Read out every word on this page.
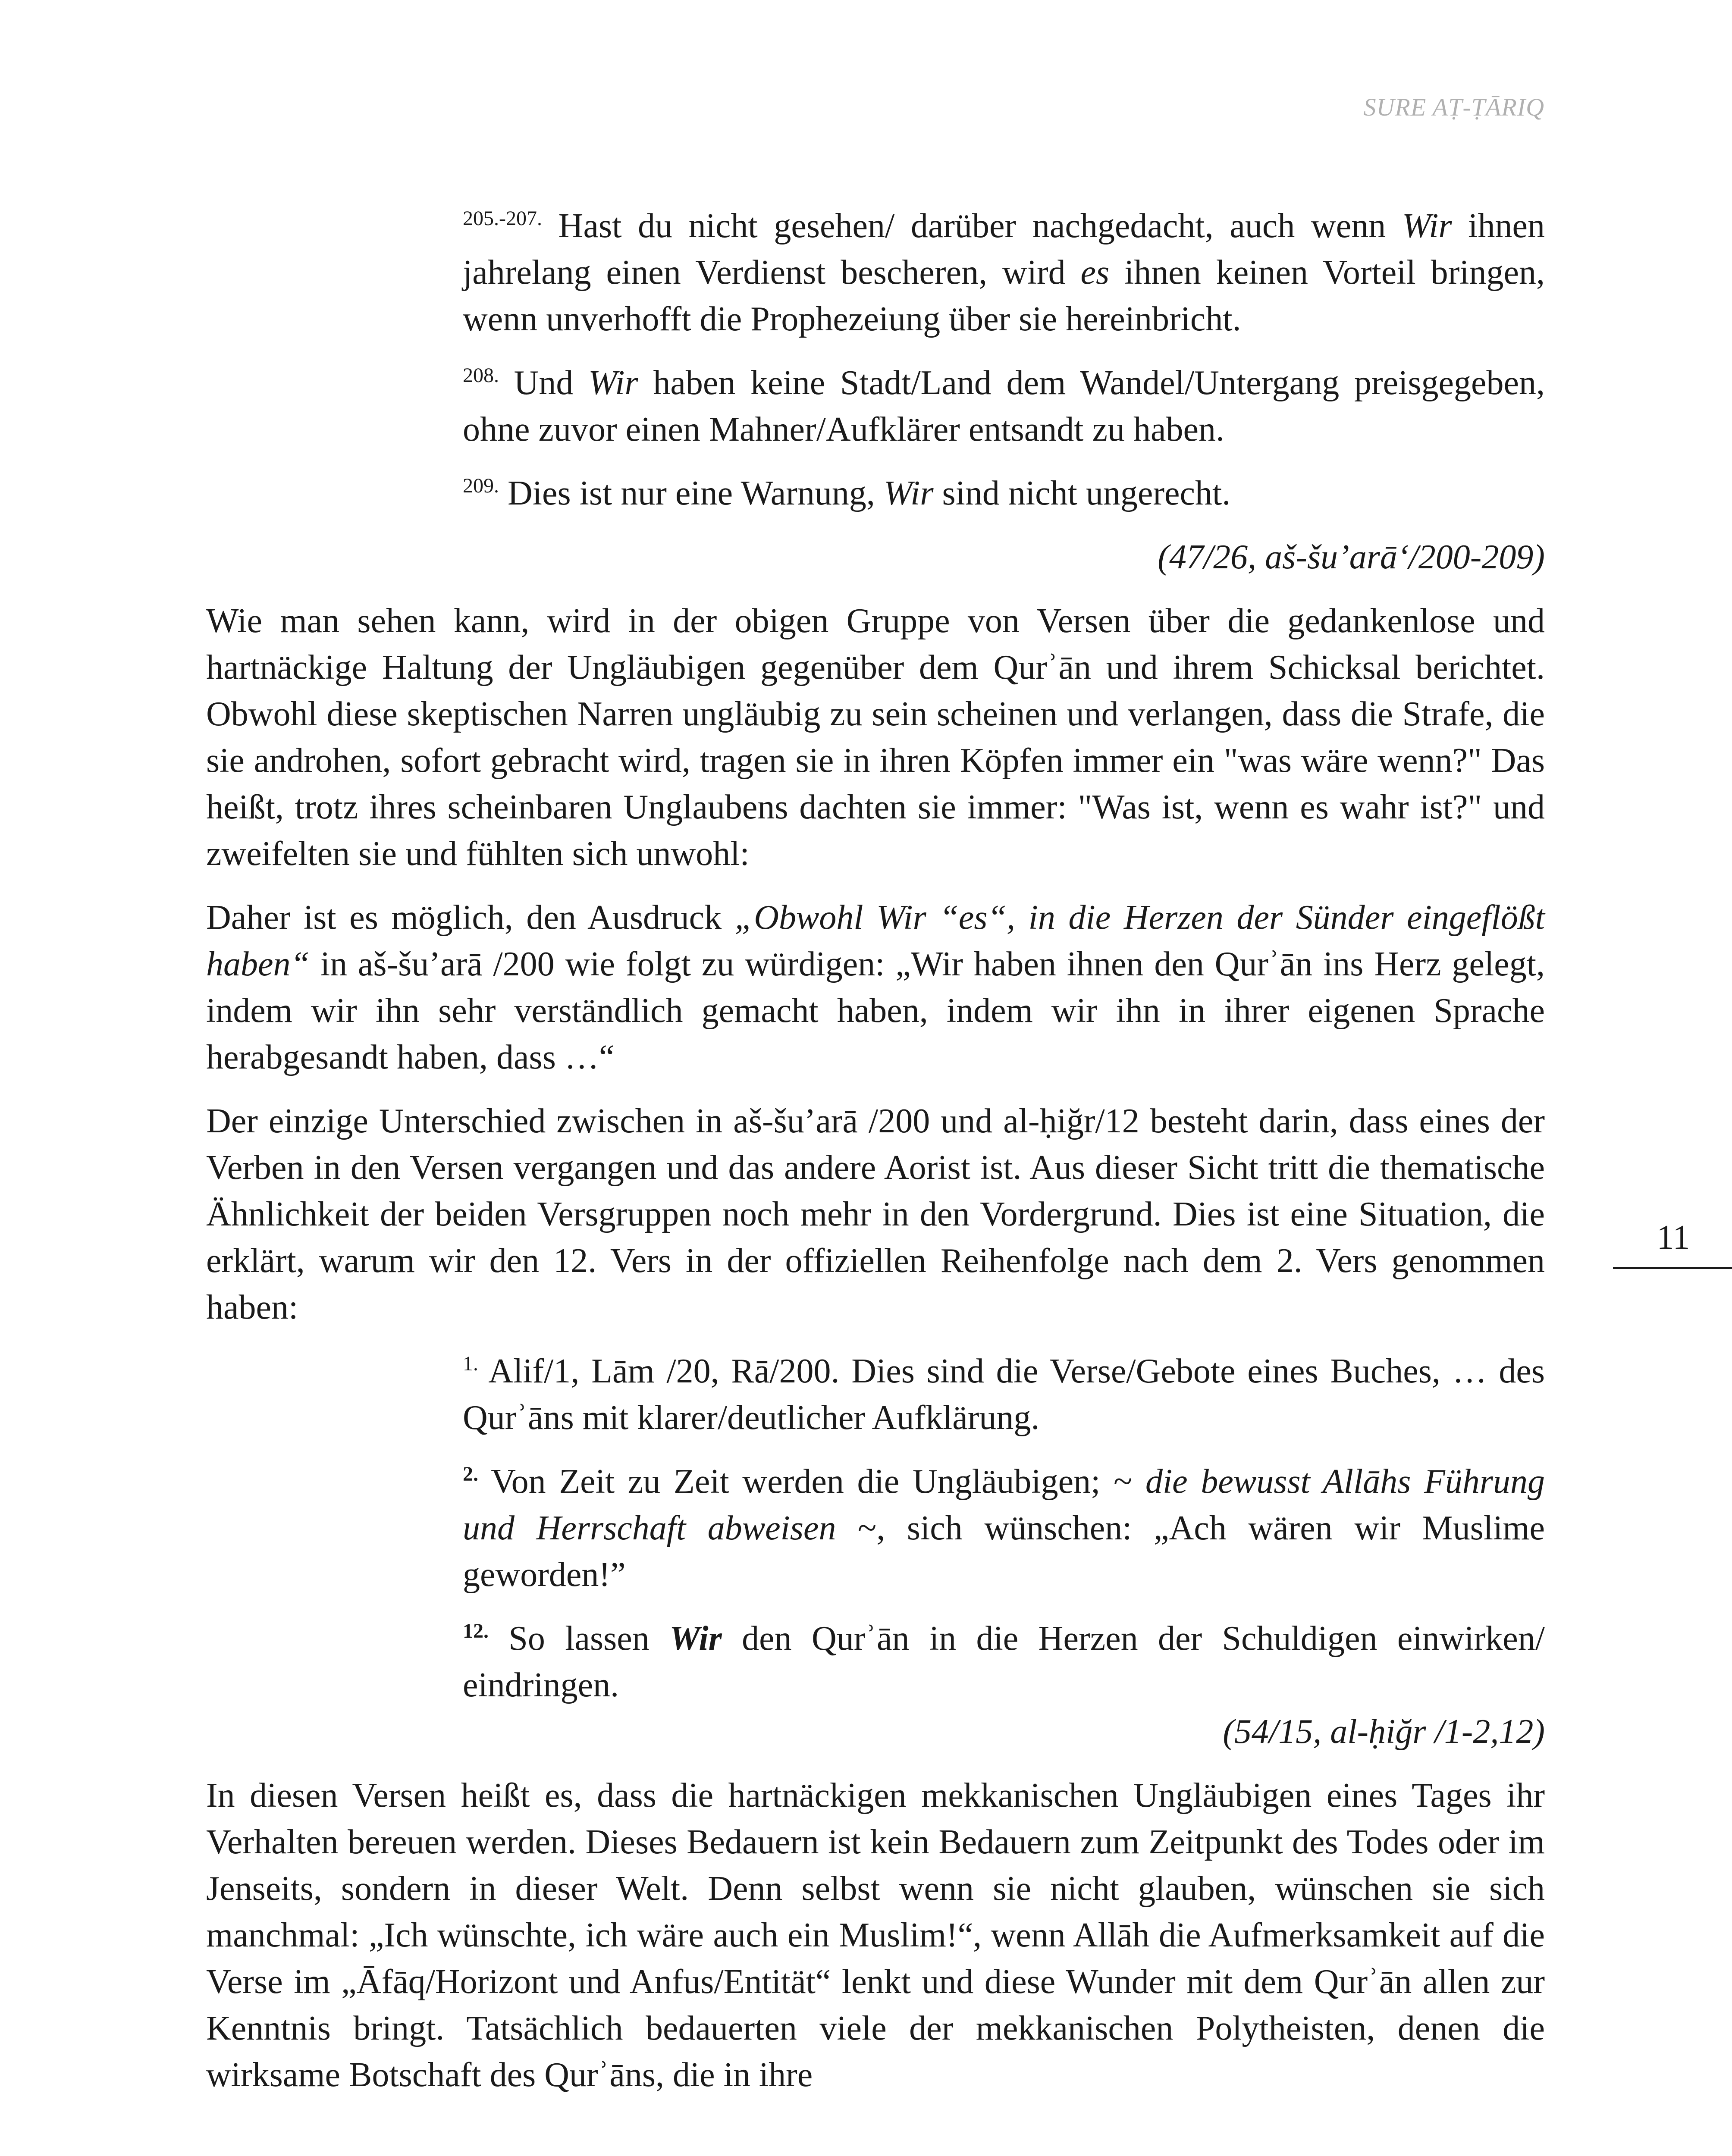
SURE AṬ-ṬĀRIQ
11

$^{205.-207.}$ Hast du nicht gesehen/ darüber nachgedacht, auch wenn Wir ihnen jahrelang einen Verdienst bescheren, wird es ihnen keinen Vorteil bringen, wenn unverhofft die Prophezeiung über sie hereinbricht.

$^{208.}$ Und Wir haben keine Stadt/Land dem Wandel/Untergang preisgegeben, ohne zuvor einen Mahner/Aufklärer entsandt zu haben.

$^{209.}$ Dies ist nur eine Warnung, Wir sind nicht ungerecht.

(47/26, aš-šu’arā‘/200-209)

Wie man sehen kann, wird in der obigen Gruppe von Versen über die gedankenlose und hartnäckige Haltung der Ungläubigen gegenüber dem Qurʾān und ihrem Schicksal berichtet. Obwohl diese skeptischen Narren ungläubig zu sein scheinen und verlangen, dass die Strafe, die sie androhen, sofort gebracht wird, tragen sie in ihren Köpfen immer ein "was wäre wenn?" Das heißt, trotz ihres scheinbaren Unglaubens dachten sie immer: "Was ist, wenn es wahr ist?" und zweifelten sie und fühlten sich unwohl:

Daher ist es möglich, den Ausdruck „Obwohl Wir “es“, in die Herzen der Sünder eingeflößt haben“ in aš-šu’arā /200 wie folgt zu würdigen: „Wir haben ihnen den Qurʾān ins Herz gelegt, indem wir ihn sehr verständlich gemacht haben, indem wir ihn in ihrer eigenen Sprache herabgesandt haben, dass …“

Der einzige Unterschied zwischen in aš-šu’arā /200 und al-ḥiğr/12 besteht darin, dass eines der Verben in den Versen vergangen und das andere Aorist ist. Aus dieser Sicht tritt die thematische Ähnlichkeit der beiden Versgruppen noch mehr in den Vordergrund. Dies ist eine Situation, die erklärt, warum wir den 12. Vers in der offiziellen Reihenfolge nach dem 2. Vers genommen haben:

$^{1.}$ Alif/1, Lām /20, Rā/200. Dies sind die Verse/Gebote eines Buches, … des Qurʾāns mit klarer/deutlicher Aufklärung.

$^{2.}$ Von Zeit zu Zeit werden die Ungläubigen; ~ die bewusst Allāhs Führung und Herrschaft abweisen ~, sich wünschen: „Ach wären wir Muslime geworden!”

$^{12.}$ So lassen Wir den Qurʾān in die Herzen der Schuldigen einwirken/ eindringen.

(54/15, al-ḥiğr /1-2,12)

In diesen Versen heißt es, dass die hartnäckigen mekkanischen Ungläubigen eines Tages ihr Verhalten bereuen werden. Dieses Bedauern ist kein Bedauern zum Zeitpunkt des Todes oder im Jenseits, sondern in dieser Welt. Denn selbst wenn sie nicht glauben, wünschen sie sich manchmal: „Ich wünschte, ich wäre auch ein Muslim!“, wenn Allāh die Aufmerksamkeit auf die Verse im „Āfāq/Horizont und Anfus/Entität“ lenkt und diese Wunder mit dem Qurʾān allen zur Kenntnis bringt. Tatsächlich bedauerten viele der mekkanischen Polytheisten, denen die wirksame Botschaft des Qurʾāns, die in ihre
